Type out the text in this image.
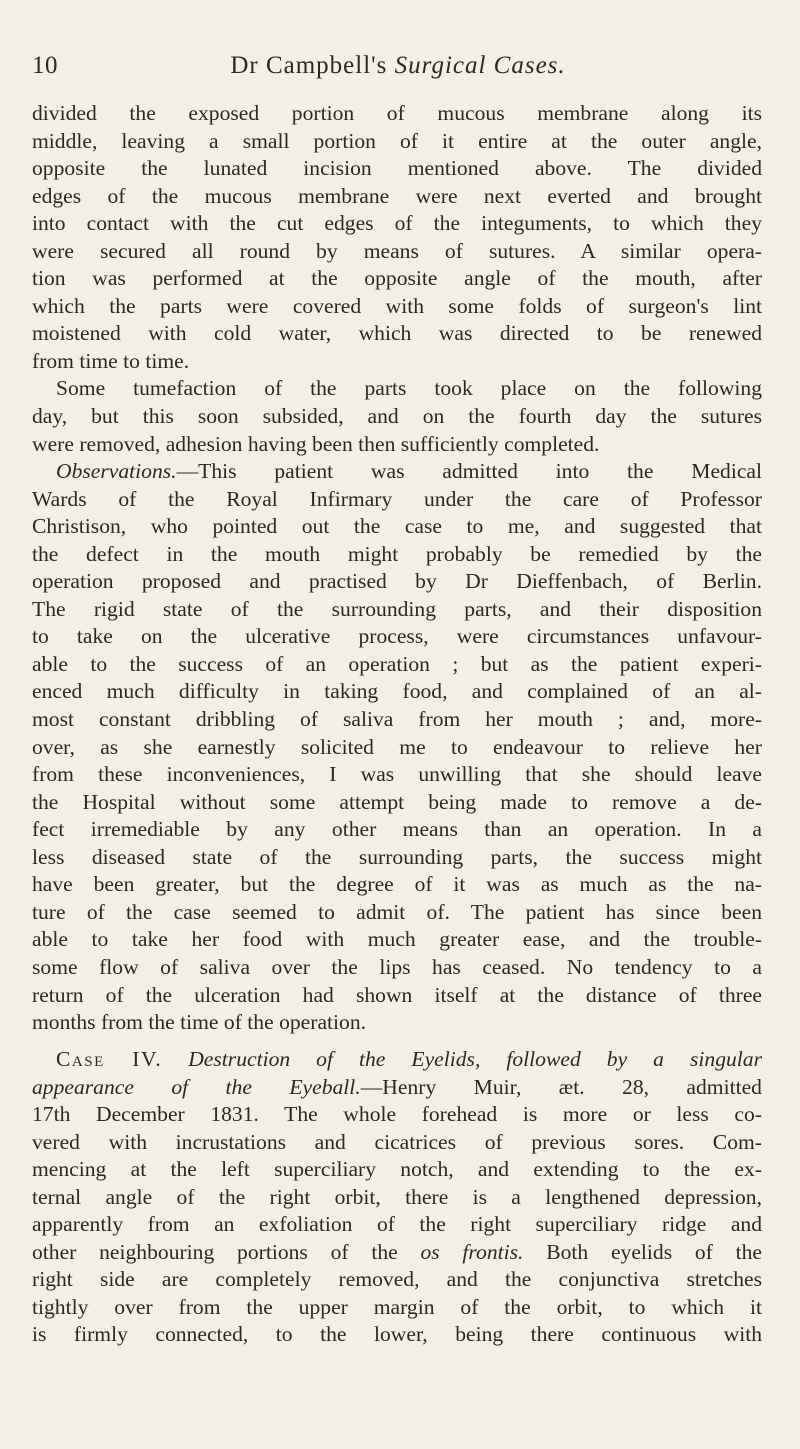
10	Dr Campbell's Surgical Cases.
divided the exposed portion of mucous membrane along its
middle, leaving a small portion of it entire at the outer angle,
opposite the lunated incision mentioned above. The divided
edges of the mucous membrane were next everted and brought
into contact with the cut edges of the integuments, to which they
were secured all round by means of sutures. A similar opera-
tion was performed at the opposite angle of the mouth, after
which the parts were covered with some folds of surgeon's lint
moistened with cold water, which was directed to be renewed
from time to time.
Some tumefaction of the parts took place on the following
day, but this soon subsided, and on the fourth day the sutures
were removed, adhesion having been then sufficiently completed.
Observations.—This patient was admitted into the Medical
Wards of the Royal Infirmary under the care of Professor
Christison, who pointed out the case to me, and suggested that
the defect in the mouth might probably be remedied by the
operation proposed and practised by Dr Dieffenbach, of Berlin.
The rigid state of the surrounding parts, and their disposition
to take on the ulcerative process, were circumstances unfavour-
able to the success of an operation ; but as the patient experi-
enced much difficulty in taking food, and complained of an al-
most constant dribbling of saliva from her mouth ; and, more-
over, as she earnestly solicited me to endeavour to relieve her
from these inconveniences, I was unwilling that she should leave
the Hospital without some attempt being made to remove a de-
fect irremediable by any other means than an operation. In a
less diseased state of the surrounding parts, the success might
have been greater, but the degree of it was as much as the na-
ture of the case seemed to admit of. The patient has since been
able to take her food with much greater ease, and the trouble-
some flow of saliva over the lips has ceased. No tendency to a
return of the ulceration had shown itself at the distance of three
months from the time of the operation.
Case IV. Destruction of the Eyelids, followed by a singular
appearance of the Eyeball.—Henry Muir, æt. 28, admitted
17th December 1831. The whole forehead is more or less co-
vered with incrustations and cicatrices of previous sores. Com-
mencing at the left superciliary notch, and extending to the ex-
ternal angle of the right orbit, there is a lengthened depression,
apparently from an exfoliation of the right superciliary ridge and
other neighbouring portions of the os frontis. Both eyelids of the
right side are completely removed, and the conjunctiva stretches
tightly over from the upper margin of the orbit, to which it
is firmly connected, to the lower, being there continuous with
